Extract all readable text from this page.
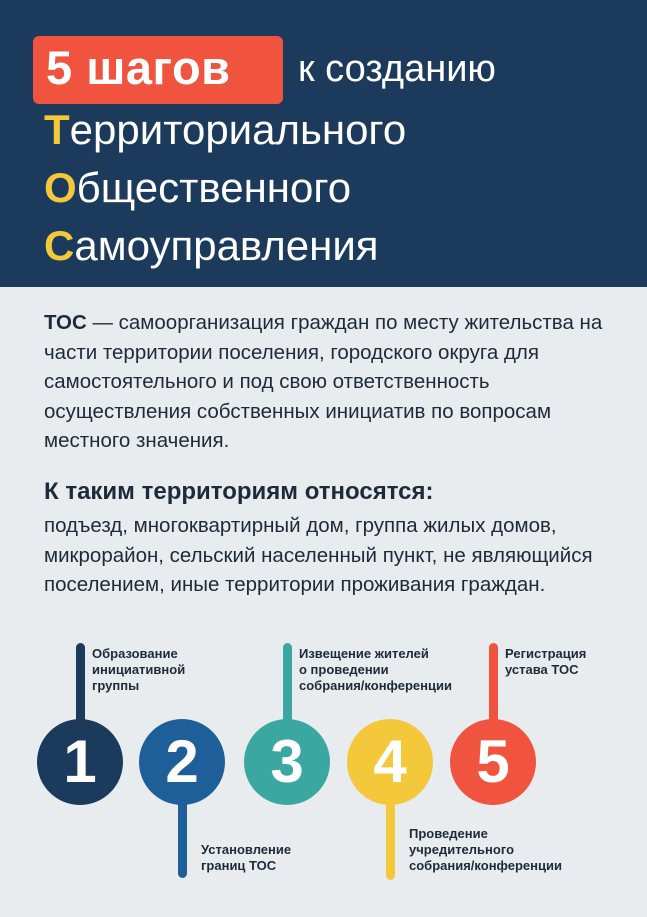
5 шагов к созданию
Территориального
Общественного
Самоуправления
ТОС — самоорганизация граждан по месту жительства на части территории поселения, городского округа для самостоятельного и под свою ответственность осуществления собственных инициатив по вопросам местного значения.
К таким территориям относятся:
подъезд, многоквартирный дом, группа жилых домов, микрорайон, сельский населенный пункт, не являющийся поселением, иные территории проживания граждан.
Образование
инициативной
группы
1 2
Установление
границ ТОС
Извещение жителей
о проведении
собрания/конференции
3 4
Проведение
учредительного
собрания/конференции
Регистрация
устава ТОС
5
